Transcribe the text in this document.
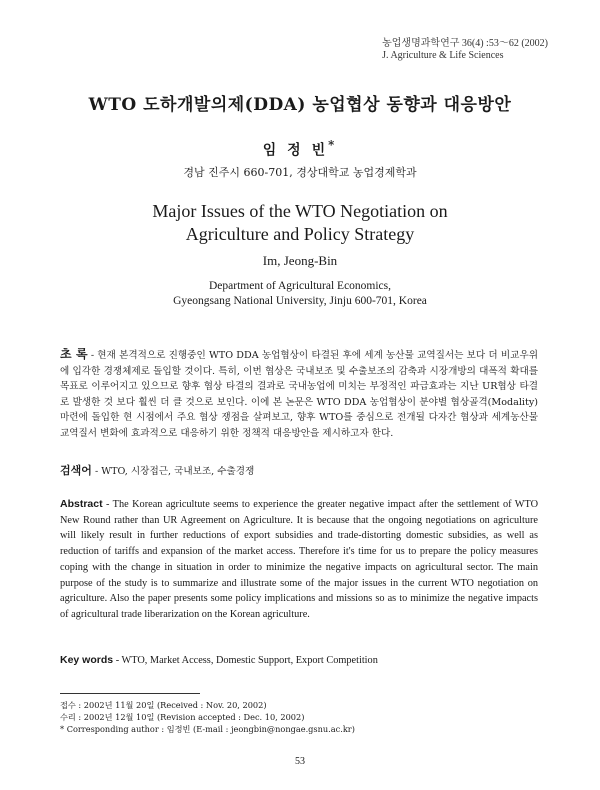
농업생명과학연구 36(4) :53～62 (2002)
J. Agriculture & Life Sciences
WTO 도하개발의제(DDA) 농업협상 동향과 대응방안
임 정 빈*
경남 진주시 660-701, 경상대학교 농업경제학과
Major Issues of the WTO Negotiation on
Agriculture and Policy Strategy
Im, Jeong-Bin
Department of Agricultural Economics,
Gyeongsang National University, Jinju 600-701, Korea
초 록 - 현재 본격적으로 진행중인 WTO DDA 농업협상이 타결된 후에 세계 농산물 교역질서는 보다 더 비교우위에 입각한 경쟁체제로 돌입할 것이다. 특히, 이번 협상은 국내보조 및 수출보조의 감축과 시장개방의 대폭적 확대를 목표로 이루어지고 있으므로 향후 협상 타결의 결과로 국내농업에 미치는 부정적인 파급효과는 지난 UR협상 타결로 발생한 것 보다 훨씬 더 클 것으로 보인다. 이에 본 논문은 WTO DDA 농업협상이 분야별 협상골격(Modality)마련에 돌입한 현 시점에서 주요 협상 쟁점을 살펴보고, 향후 WTO를 중심으로 전개될 다자간 협상과 세계농산물 교역질서 변화에 효과적으로 대응하기 위한 정책적 대응방안을 제시하고자 한다.
검색어 - WTO, 시장접근, 국내보조, 수출경쟁
Abstract - The Korean agricultute seems to experience the greater negative impact after the settlement of WTO New Round rather than UR Agreement on Agriculture. It is because that the ongoing negotiations on agriculture will likely result in further reductions of export subsidies and trade-distorting domestic subsidies, as well as reduction of tariffs and expansion of the market access. Therefore it's time for us to prepare the policy measures coping with the change in situation in order to minimize the negative impacts on agricultural sector. The main purpose of the study is to summarize and illustrate some of the major issues in the current WTO negotiation on agriculture. Also the paper presents some policy implications and missions so as to minimize the negative impacts of agricultural trade liberarization on the Korean agriculture.
Key words - WTO, Market Access, Domestic Support, Export Competition
접수 : 2002년 11월 20일 (Received : Nov. 20, 2002)
수리 : 2002년 12월 10일 (Revision accepted : Dec. 10, 2002)
* Corresponding author : 임정빈 (E-mail : jeongbin@nongae.gsnu.ac.kr)
53
